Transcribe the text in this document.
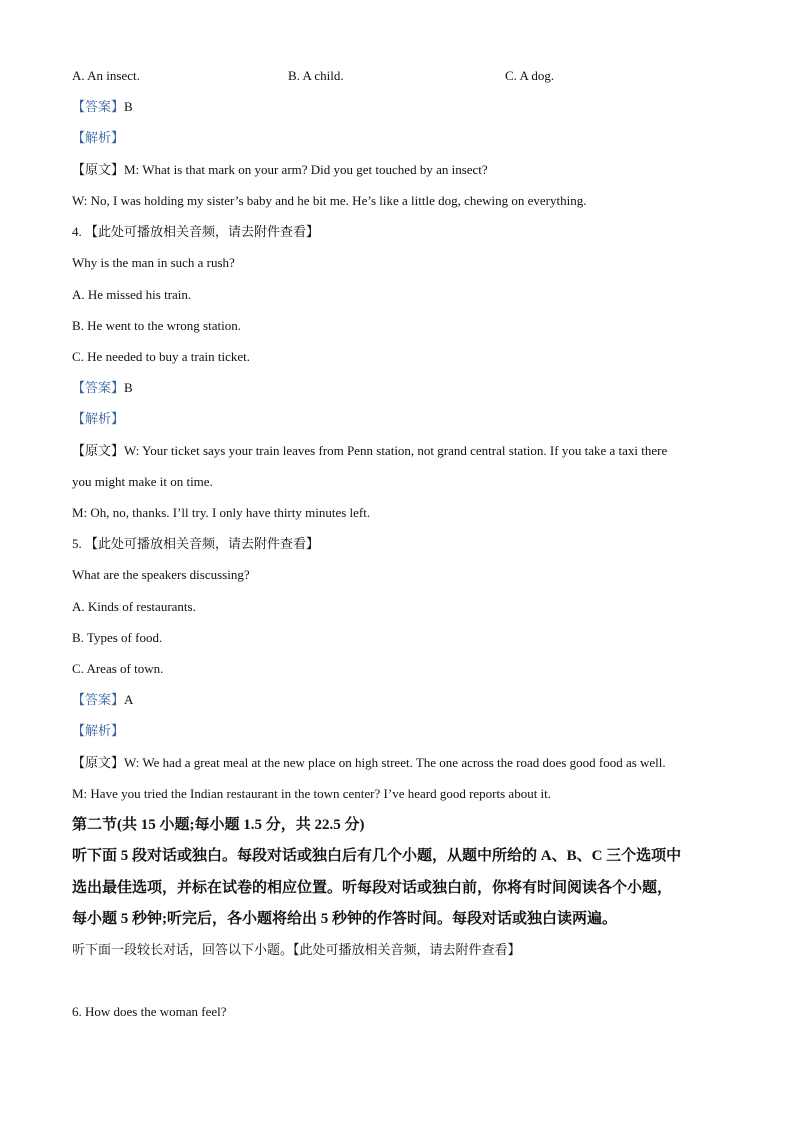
A. An insect.	B. A child.	C. A dog.
【答案】B
【解析】
【原文】M: What is that mark on your arm? Did you get touched by an insect?
W: No, I was holding my sister’s baby and he bit me. He’s like a little dog, chewing on everything.
4. 【此处可播放相关音频，请去附件查看】
Why is the man in such a rush?
A. He missed his train.
B. He went to the wrong station.
C. He needed to buy a train ticket.
【答案】B
【解析】
【原文】W: Your ticket says your train leaves from Penn station, not grand central station. If you take a taxi there
you might make it on time.
M: Oh, no, thanks. I’ll try. I only have thirty minutes left.
5. 【此处可播放相关音频，请去附件查看】
What are the speakers discussing?
A. Kinds of restaurants.
B. Types of food.
C. Areas of town.
【答案】A
【解析】
【原文】W: We had a great meal at the new place on high street. The one across the road does good food as well.
M: Have you tried the Indian restaurant in the town center? I’ve heard good reports about it.
第二节(共 15 小题;每小题 1.5 分，共 22.5 分)
听下面 5 段对话或独白。每段对话或独白后有几个小题，从题中所给的 A、B、C 三个选项中
选出最佳选项，并标在试卷的相应位置。听每段对话或独白前，你将有时间阅读各个小题，
每小题 5 秒钟;听完后，各小题将给出 5 秒钟的作答时间。每段对话或独白读两遍。
听下面一段较长对话，回答以下小题。【此处可播放相关音频，请去附件查看】
6. How does the woman feel?
